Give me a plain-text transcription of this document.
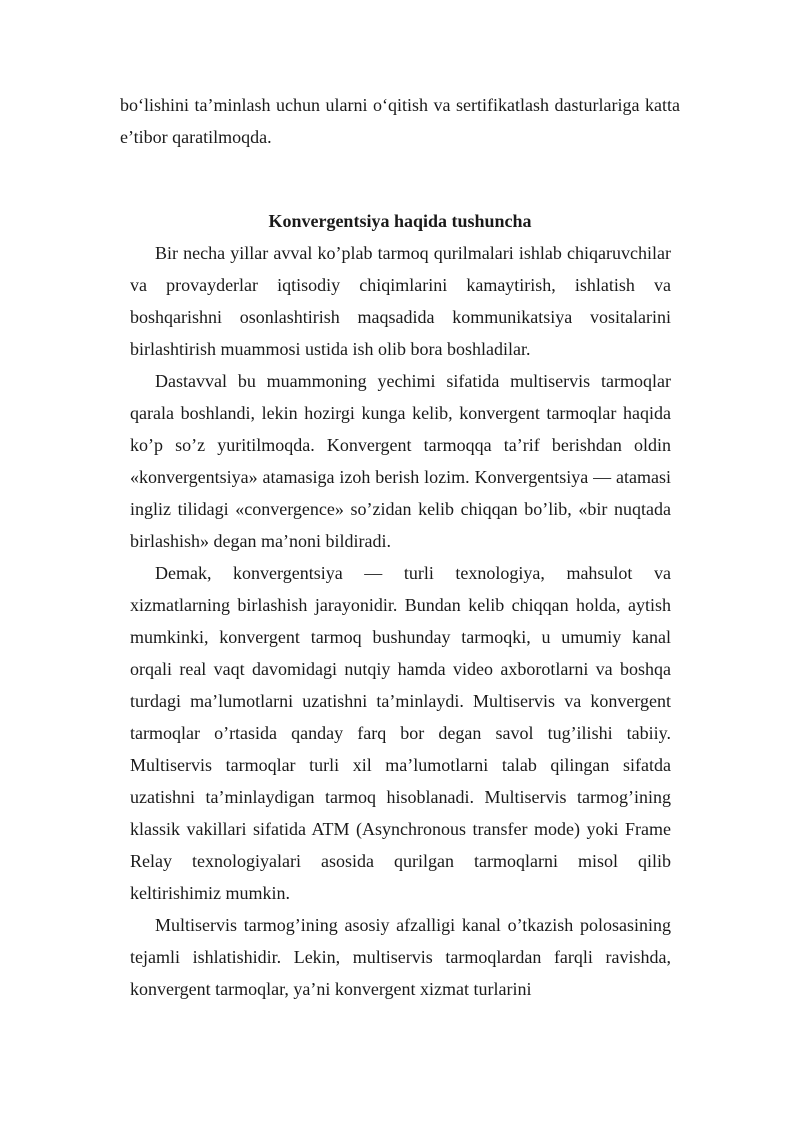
bo‘lishini ta’minlash uchun ularni o‘qitish va sertifikatlash dasturlariga katta e’tibor qaratilmoqda.

Konvergentsiya haqida tushuncha

Bir necha yillar avval ko’plab tarmoq qurilmalari ishlab chiqaruvchilar va provayderlar iqtisodiy chiqimlarini kamaytirish, ishlatish va boshqarishni osonlashtirish maqsadida kommunikatsiya vositalarini birlashtirish muammosi ustida ish olib bora boshladilar.

Dastavval bu muammoning yechimi sifatida multiservis tarmoqlar qarala boshlandi, lekin hozirgi kunga kelib, konvergent tarmoqlar haqida ko’p so’z yuritilmoqda. Konvergent tarmoqqa ta’rif berishdan oldin «konvergentsiya» atamasiga izoh berish lozim. Konvergentsiya — atamasi ingliz tilidagi «convergence» so’zidan kelib chiqqan bo’lib, «bir nuqtada birlashish» degan ma’noni bildiradi.

Demak, konvergentsiya — turli texnologiya, mahsulot va xizmatlarning birlashish jarayonidir. Bundan kelib chiqqan holda, aytish mumkinki, konvergent tarmoq bushunday tarmoqki, u umumiy kanal orqali real vaqt davomidagi nutqiy hamda video axborotlarni va boshqa turdagi ma’lumotlarni uzatishni ta’minlaydi. Multiservis va konvergent tarmoqlar o’rtasida qanday farq bor degan savol tug’ilishi tabiiy. Multiservis tarmoqlar turli xil ma’lumotlarni talab qilingan sifatda uzatishni ta’minlaydigan tarmoq hisoblanadi. Multiservis tarmog’ining klassik vakillari sifatida ATM (Asynchronous transfer mode) yoki Frame Relay texnologiyalari asosida qurilgan tarmoqlarni misol qilib keltirishimiz mumkin.

Multiservis tarmog’ining asosiy afzalligi kanal o’tkazish polosasining tejamli ishlatishidir. Lekin, multiservis tarmoqlardan farqli ravishda, konvergent tarmoqlar, ya’ni konvergent xizmat turlarini
